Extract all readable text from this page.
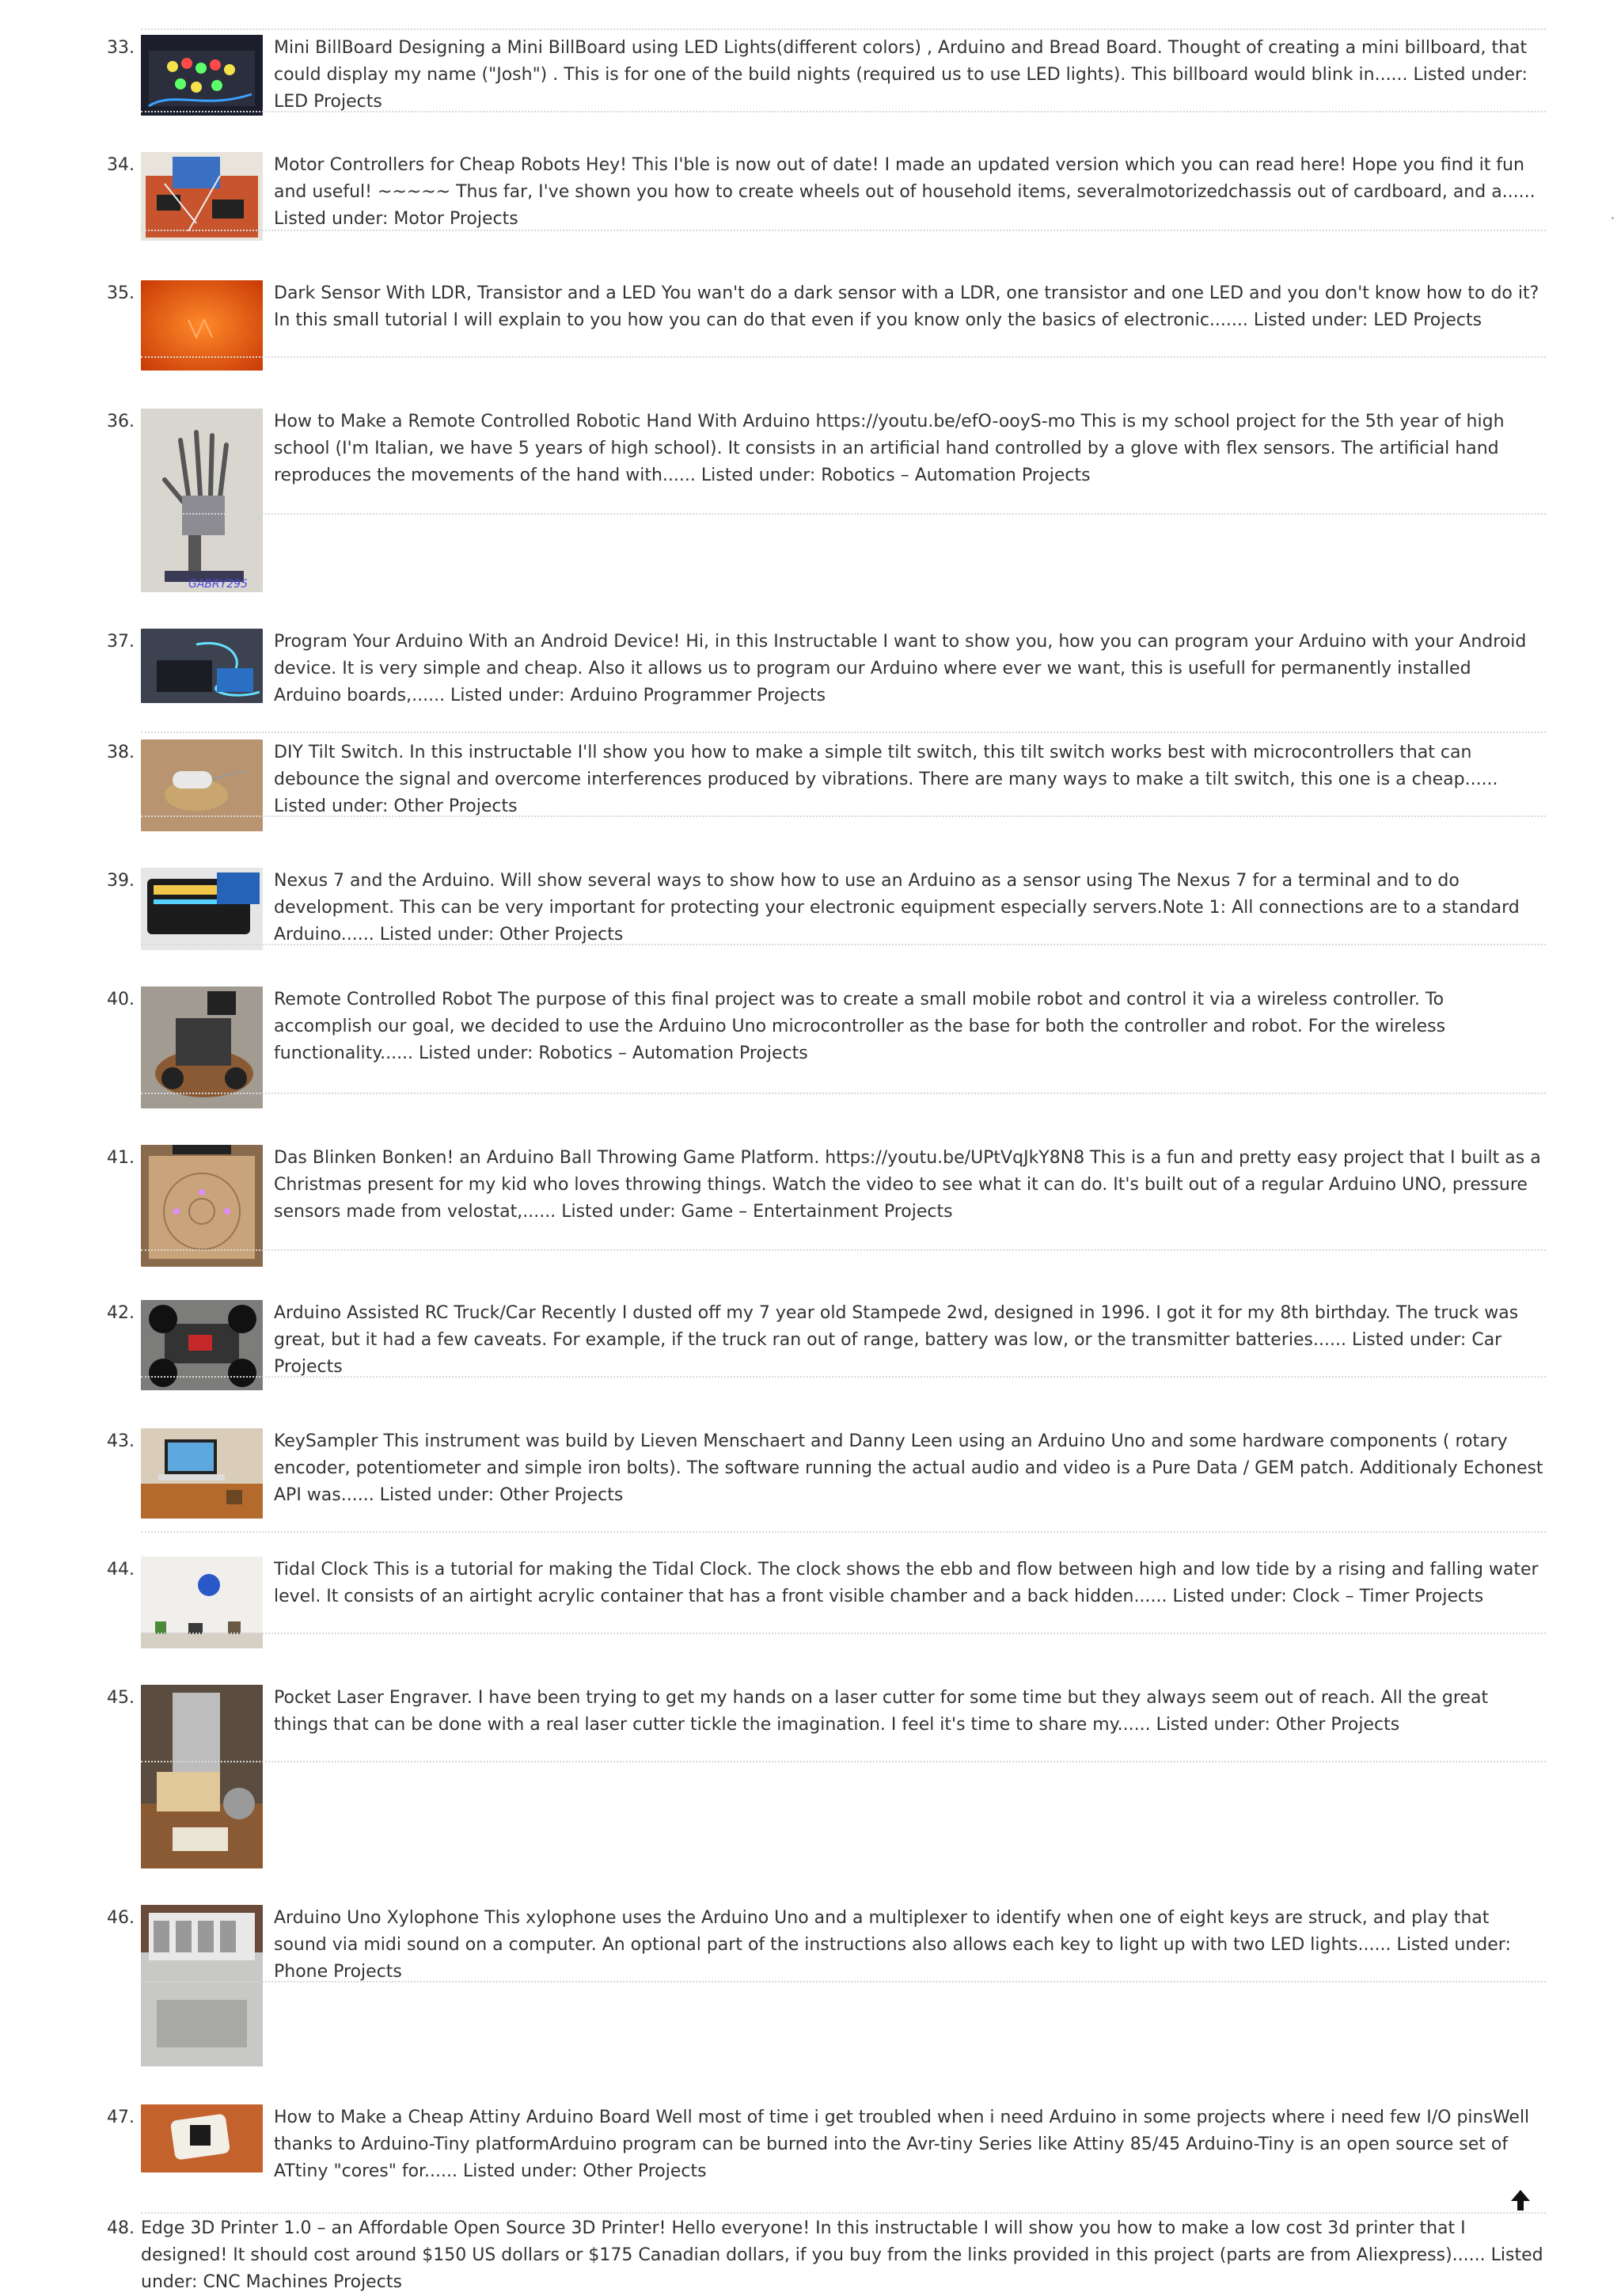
33.	Mini BillBoard Designing a Mini BillBoard using LED Lights(different colors) , Arduino and Bread Board. Thought of creating a mini billboard, that could display my name ("Josh") . This is for one of the build nights (required us to use LED lights). This billboard would blink in...... Listed under: LED Projects

34.	Motor Controllers for Cheap Robots Hey! This I'ble is now out of date! I made an updated version which you can read here! Hope you find it fun and useful! ~~~~~ Thus far, I've shown you how to create wheels out of household items, severalmotorizedchassis out of cardboard, and a...... Listed under: Motor Projects

35.	Dark Sensor With LDR, Transistor and a LED You wan't do a dark sensor with a LDR, one transistor and one LED and you don't know how to do it? In this small tutorial I will explain to you how you can do that even if you know only the basics of electronic....... Listed under: LED Projects

36.
GABRY295

How to Make a Remote Controlled Robotic Hand With Arduino https://youtu.be/efO-ooyS-mo This is my school project for the 5th year of high school (I'm Italian, we have 5 years of high school). It consists in an artificial hand controlled by a glove with flex sensors. The artificial hand reproduces the movements of the hand with...... Listed under: Robotics – Automation Projects

37.	Program Your Arduino With an Android Device! Hi, in this Instructable I want to show you, how you can program your Arduino with your Android device. It is very simple and cheap. Also it allows us to program our Arduino where ever we want, this is usefull for permanently installed Arduino boards,...... Listed under: Arduino Programmer Projects

38.	DIY Tilt Switch. In this instructable I'll show you how to make a simple tilt switch, this tilt switch works best with microcontrollers that can debounce the signal and overcome interferences produced by vibrations. There are many ways to make a tilt switch, this one is a cheap...... Listed under: Other Projects

39.	Nexus 7 and the Arduino. Will show several ways to show how to use an Arduino as a sensor using The Nexus 7 for a terminal and to do development. This can be very important for protecting your electronic equipment especially servers.Note 1: All connections are to a standard Arduino...... Listed under: Other Projects

40.	Remote Controlled Robot The purpose of this final project was to create a small mobile robot and control it via a wireless controller. To accomplish our goal, we decided to use the Arduino Uno microcontroller as the base for both the controller and robot. For the wireless functionality...... Listed under: Robotics – Automation Projects

41.	Das Blinken Bonken! an Arduino Ball Throwing Game Platform. https://youtu.be/UPtVqJkY8N8 This is a fun and pretty easy project that I built as a Christmas present for my kid who loves throwing things. Watch the video to see what it can do. It's built out of a regular Arduino UNO, pressure sensors made from velostat,...... Listed under: Game – Entertainment Projects

42.	Arduino Assisted RC Truck/Car Recently I dusted off my 7 year old Stampede 2wd, designed in 1996. I got it for my 8th birthday. The truck was great, but it had a few caveats. For example, if the truck ran out of range, battery was low, or the transmitter batteries...... Listed under: Car Projects

43.	KeySampler This instrument was build by Lieven Menschaert and Danny Leen using an Arduino Uno and some hardware components ( rotary encoder, potentiometer and simple iron bolts). The software running the actual audio and video is a Pure Data / GEM patch. Additionaly Echonest API was...... Listed under: Other Projects

44.	Tidal Clock This is a tutorial for making the Tidal Clock. The clock shows the ebb and flow between high and low tide by a rising and falling water level. It consists of an airtight acrylic container that has a front visible chamber and a back hidden...... Listed under: Clock – Timer Projects

45.	Pocket Laser Engraver. I have been trying to get my hands on a laser cutter for some time but they always seem out of reach. All the great things that can be done with a real laser cutter tickle the imagination. I feel it's time to share my...... Listed under: Other Projects

46.	Arduino Uno Xylophone This xylophone uses the Arduino Uno and a multiplexer to identify when one of eight keys are struck, and play that sound via midi sound on a computer. An optional part of the instructions also allows each key to light up with two LED lights...... Listed under: Phone Projects

47.	How to Make a Cheap Attiny Arduino Board Well most of time i get troubled when i need Arduino in some projects where i need few I/O pinsWell thanks to Arduino-Tiny platformArduino program can be burned into the Avr-tiny Series like Attiny 85/45 Arduino-Tiny is an open source set of ATtiny "cores" for...... Listed under: Other Projects

48. Edge 3D Printer 1.0 – an Affordable Open Source 3D Printer! Hello everyone! In this instructable I will show you how to make a low cost 3d printer that I designed! It should cost around $150 US dollars or $175 Canadian dollars, if you buy from the links provided in this project (parts are from Aliexpress)...... Listed under: CNC Machines Projects
